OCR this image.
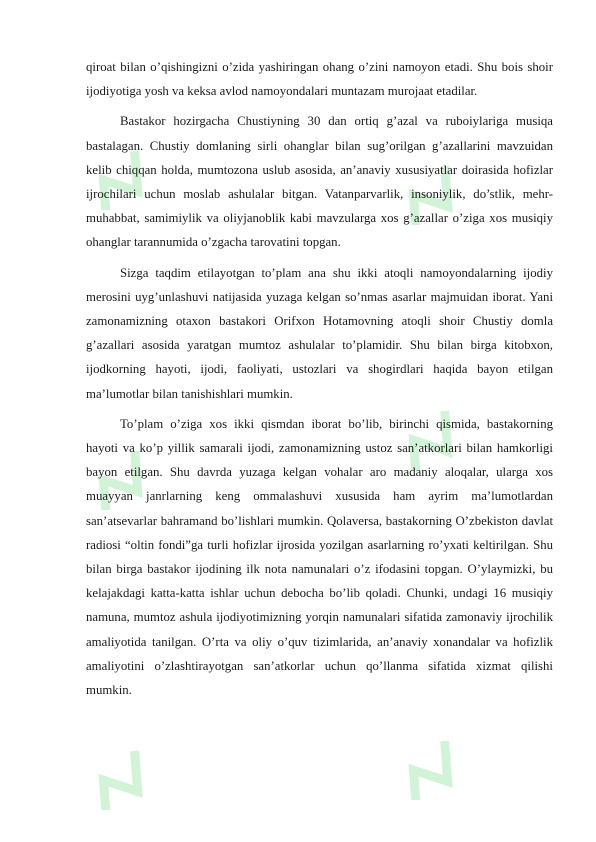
qiroat bilan o’qishingizni o’zida yashiringan ohang o’zini namoyon etadi. Shu bois shoir ijodiyotiga yosh va keksa avlod namoyondalari muntazam murojaat etadilar.

Bastakor hozirgacha Chustiyning 30 dan ortiq g’azal va ruboiylariga musiqa bastalagan. Chustiy domlaning sirli ohanglar bilan sug’orilgan g’azallarini mavzuidan kelib chiqqan holda, mumtozona uslub asosida, an’anaviy xususiyatlar doirasida hofizlar ijrochilari uchun moslab ashulalar bitgan. Vatanparvarlik, insoniylik, do’stlik, mehr-muhabbat, samimiylik va oliyjanoblik kabi mavzularga xos g’azallar o’ziga xos musiqiy ohanglar tarannumida o’zgacha tarovatini topgan.

Sizga taqdim etilayotgan to’plam ana shu ikki atoqli namoyondalarning ijodiy merosini uyg’unlashuvi natijasida yuzaga kelgan so’nmas asarlar majmuidan iborat. Yani zamonamizning otaxon bastakori Orifxon Hotamovning atoqli shoir Chustiy domla g’azallari asosida yaratgan mumtoz ashulalar to’plamidir. Shu bilan birga kitobxon, ijodkorning hayoti, ijodi, faoliyati, ustozlari va shogirdlari haqida bayon etilgan ma’lumotlar bilan tanishishlari mumkin.

To’plam o’ziga xos ikki qismdan iborat bo’lib, birinchi qismida, bastakorning hayoti va ko’p yillik samarali ijodi, zamonamizning ustoz san’atkorlari bilan hamkorligi bayon etilgan. Shu davrda yuzaga kelgan vohalar aro madaniy aloqalar, ularga xos muayyan janrlarning keng ommalashuvi xususida ham ayrim ma’lumotlardan san’atsevarlar bahramand bo’lishlari mumkin. Qolaversa, bastakorning O’zbekiston davlat radiosi “oltin fondi”ga turli hofizlar ijrosida yozilgan asarlarning ro’yxati keltirilgan. Shu bilan birga bastakor ijodining ilk nota namunalari o’z ifodasini topgan. O’ylaymizki, bu kelajakdagi katta-katta ishlar uchun debocha bo’lib qoladi. Chunki, undagi 16 musiqiy namuna, mumtoz ashula ijodiyotimizning yorqin namunalari sifatida zamonaviy ijrochilik amaliyotida tanilgan. O’rta va oliy o’quv tizimlarida, an’anaviy xonandalar va hofizlik amaliyotini o’zlashtirayotgan san’atkorlar uchun qo’llanma sifatida xizmat qilishi mumkin.
